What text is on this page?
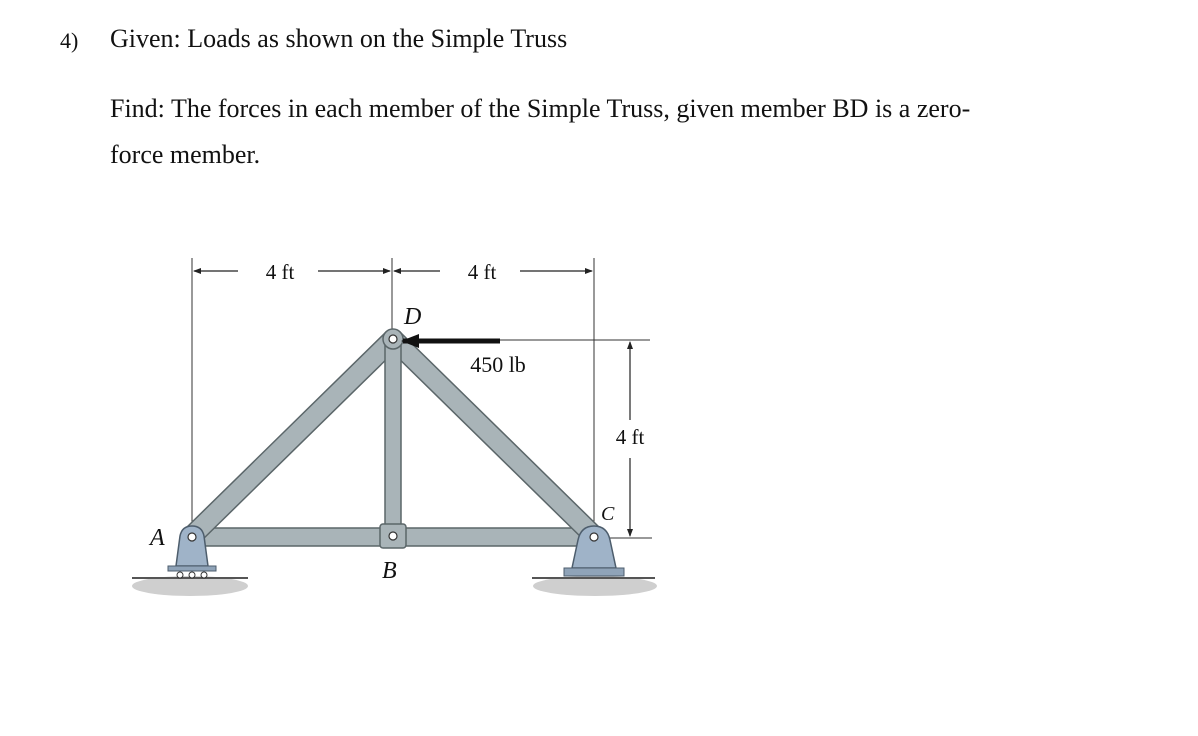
4) Given: Loads as shown on the Simple Truss
Find: The forces in each member of the Simple Truss, given member BD is a zero-
force member.
4 ft	4 ft
4 ft
450 lb
A
B
C
D
